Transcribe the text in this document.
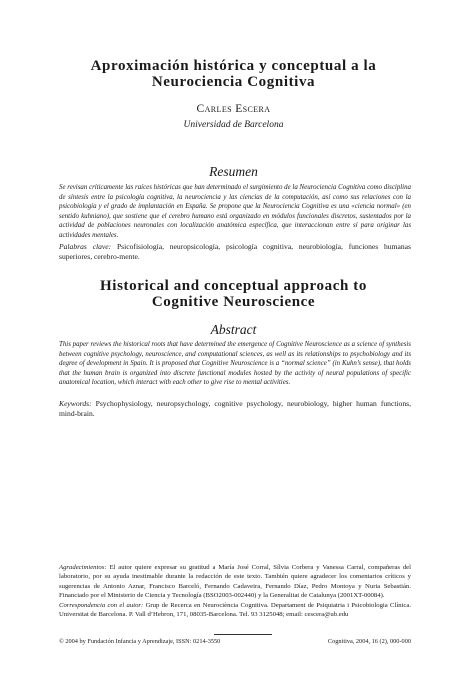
Aproximación histórica y conceptual a la
Neurociencia Cognitiva
Carles Escera
Universidad de Barcelona
Resumen
Se revisan críticamente las raíces históricas que han determinado el surgimiento de la Neurociencia Cognitiva como disciplina de síntesis entre la psicología cognitiva, la neurociencia y las ciencias de la computación, así como sus relaciones con la psicobiología y el grado de implantación en España. Se propone que la Neurociencia Cognitiva es una «ciencia normal» (en sentido kuhniano), que sostiene que el cerebro humano está organizado en módulos funcionales discretos, sustentados por la actividad de poblaciones neuronales con localización anatómica específica, que interaccionan entre sí para originar las actividades mentales.
Palabras clave: Psicofisiología, neuropsicología, psicología cognitiva, neurobiología, funciones humanas superiores, cerebro-mente.
Historical and conceptual approach to
Cognitive Neuroscience
Abstract
This paper reviews the historical roots that have determined the emergence of Cognitive Neuroscience as a science of synthesis between cognitive psychology, neuroscience, and computational sciences, as well as its relationships to psychobiology and its degree of development in Spain. It is proposed that Cognitive Neuroscience is a “normal science” (in Kuhn’s sense), that holds that the human brain is organized into discrete functional modules hosted by the activity of neural populations of specific anatomical location, which interact with each other to give rise to mental activities.
Keywords: Psychophysiology, neuropsychology, cognitive psychology, neurobiology, higher human functions, mind-brain.
Agradecimientos: El autor quiere expresar su gratitud a María José Corral, Sílvia Corbera y Vanessa Carral, compañeras del laboratorio, por su ayuda inestimable durante la redacción de este texto. También quiere agradecer los comentarios críticos y sugerencias de Antonio Aznar, Francisco Barceló, Fernando Cadaveira, Fernando Díaz, Pedro Montoya y Nuria Sebastián. Financiado por el Ministerio de Ciencia y Tecnología (BSO2003-002440) y la Generalitat de Catalunya (2001XT-00084).
Correspondencia con el autor: Grup de Recerca en Neurociència Cognitiva. Departament de Psiquiatria i Psicobiologia Clínica. Universitat de Barcelona. P. Vall d’Hebron, 171, 08035-Barcelona. Tel. 93 3125048; email: cescera@ub.edu
© 2004 by Fundación Infancia y Aprendizaje, ISSN: 0214-3550	Cognitiva, 2004, 16 (2), 000-000
